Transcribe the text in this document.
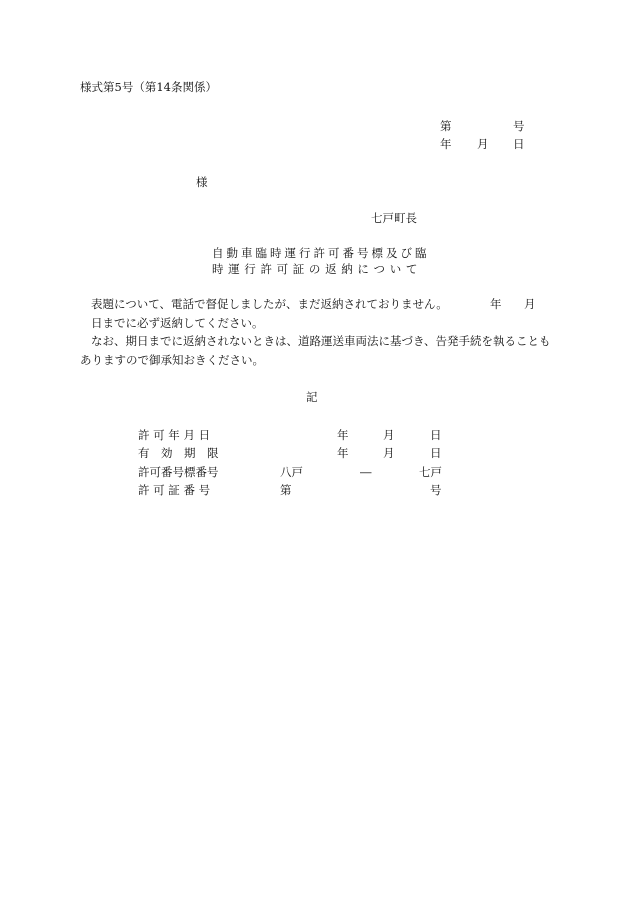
様式第5号（第14条関係）
第	号
年 月 日
様
七戸町長
自動車臨時運行許可番号標及び臨
時 運 行 許 可 証 の 返 納 に つ い て
表題について、電話で督促しましたが、まだ返納されておりません。	年 月
日までに必ず返納してください。
なお、期日までに返納されないときは、道路運送車両法に基づき、告発手続を執ることも
ありますので御承知おきください。
記
許 可 年 月 日	年	月	日
有　効　期　限	年	月	日
許可番号標番号	八戸	―	七戸
許 可 証 番 号	第	号
